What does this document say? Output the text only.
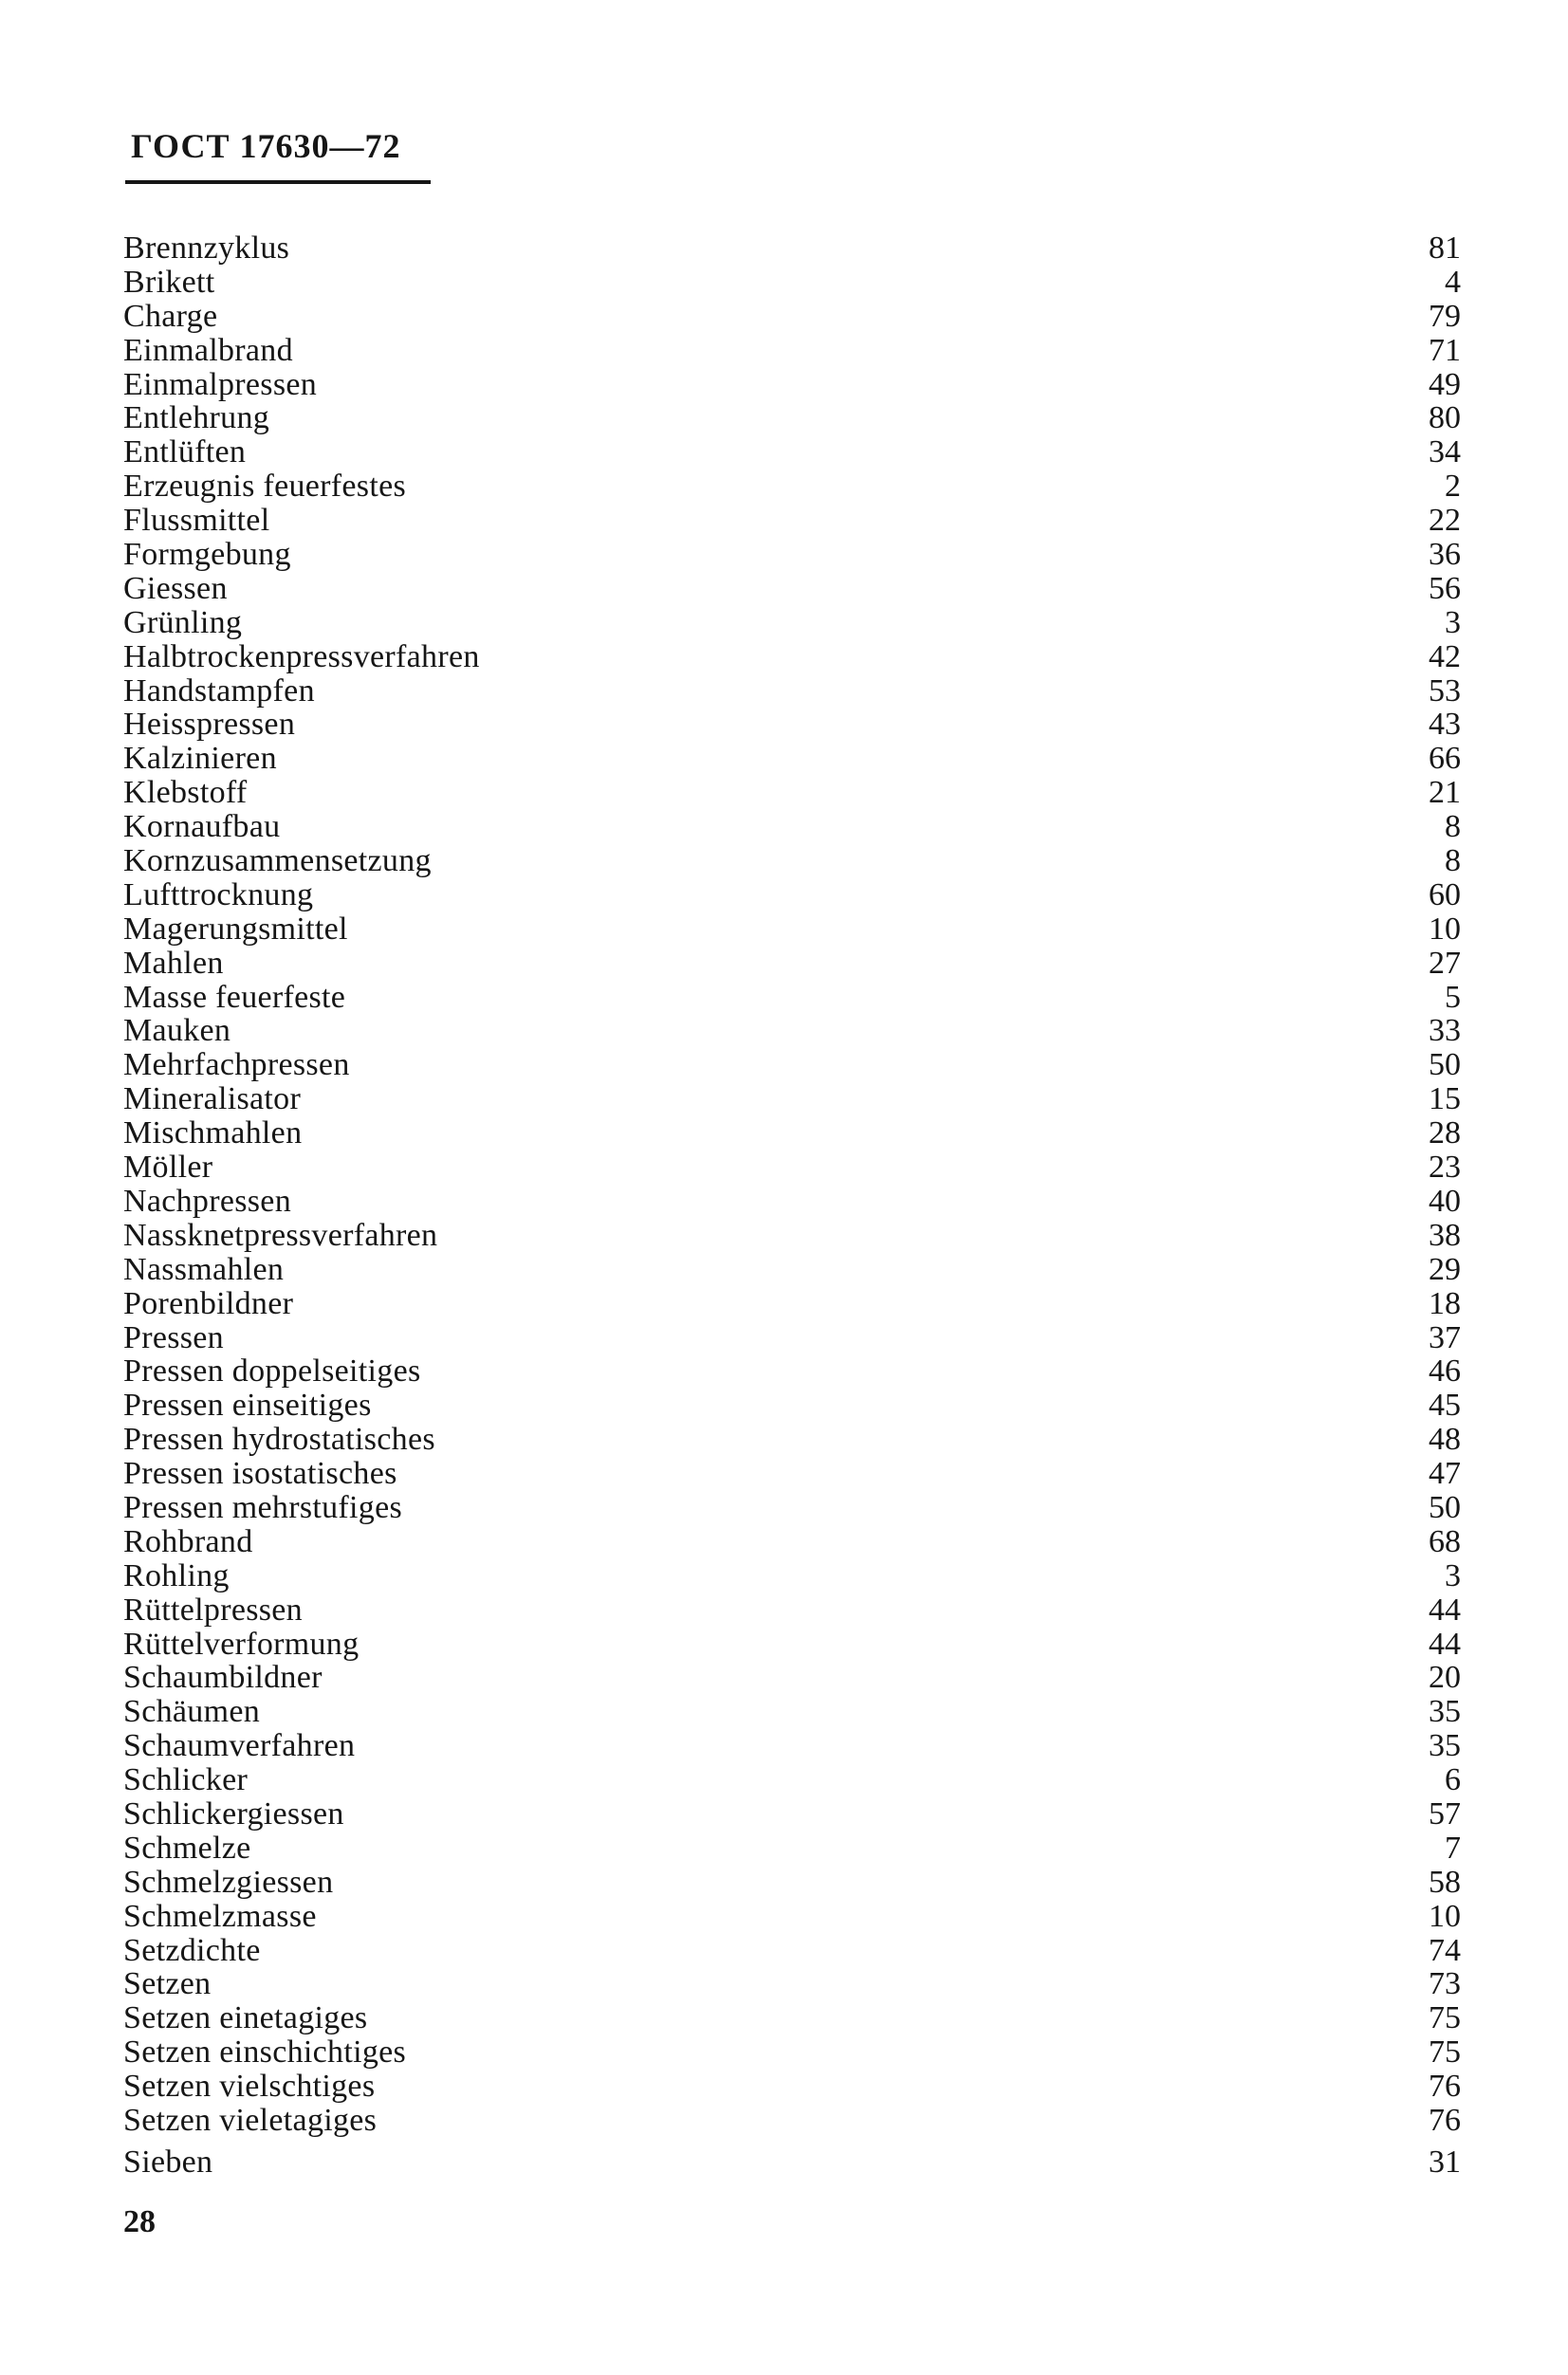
ГОСТ 17630—72
Brennzyklus	81
Brikett	4
Charge	79
Einmalbrand	71
Einmalpressen	49
Entlehrung	80
Entlüften	34
Erzeugnis feuerfestes	2
Flussmittel	22
Formgebung	36
Giessen	56
Grünling	3
Halbtrockenpressverfahren	42
Handstampfen	53
Heisspressen	43
Kalzinieren	66
Klebstoff	21
Kornaufbau	8
Kornzusammensetzung	8
Lufttrocknung	60
Magerungsmittel	10
Mahlen	27
Masse feuerfeste	5
Mauken	33
Mehrfachpressen	50
Mineralisator	15
Mischmahlen	28
Möller	23
Nachpressen	40
Nassknetpressverfahren	38
Nassmahlen	29
Porenbildner	18
Pressen	37
Pressen doppelseitiges	46
Pressen einseitiges	45
Pressen hydrostatisches	48
Pressen isostatisches	47
Pressen mehrstufiges	50
Rohbrand	68
Rohling	3
Rüttelpressen	44
Rüttelverformung	44
Schaumbildner	20
Schäumen	35
Schaumverfahren	35
Schlicker	6
Schlickergiessen	57
Schmelze	7
Schmelzgiessen	58
Schmelzmasse	10
Setzdichte	74
Setzen	73
Setzen einetagiges	75
Setzen einschichtiges	75
Setzen vielschtiges	76
Setzen vieletagiges	76
Sieben	31
28
